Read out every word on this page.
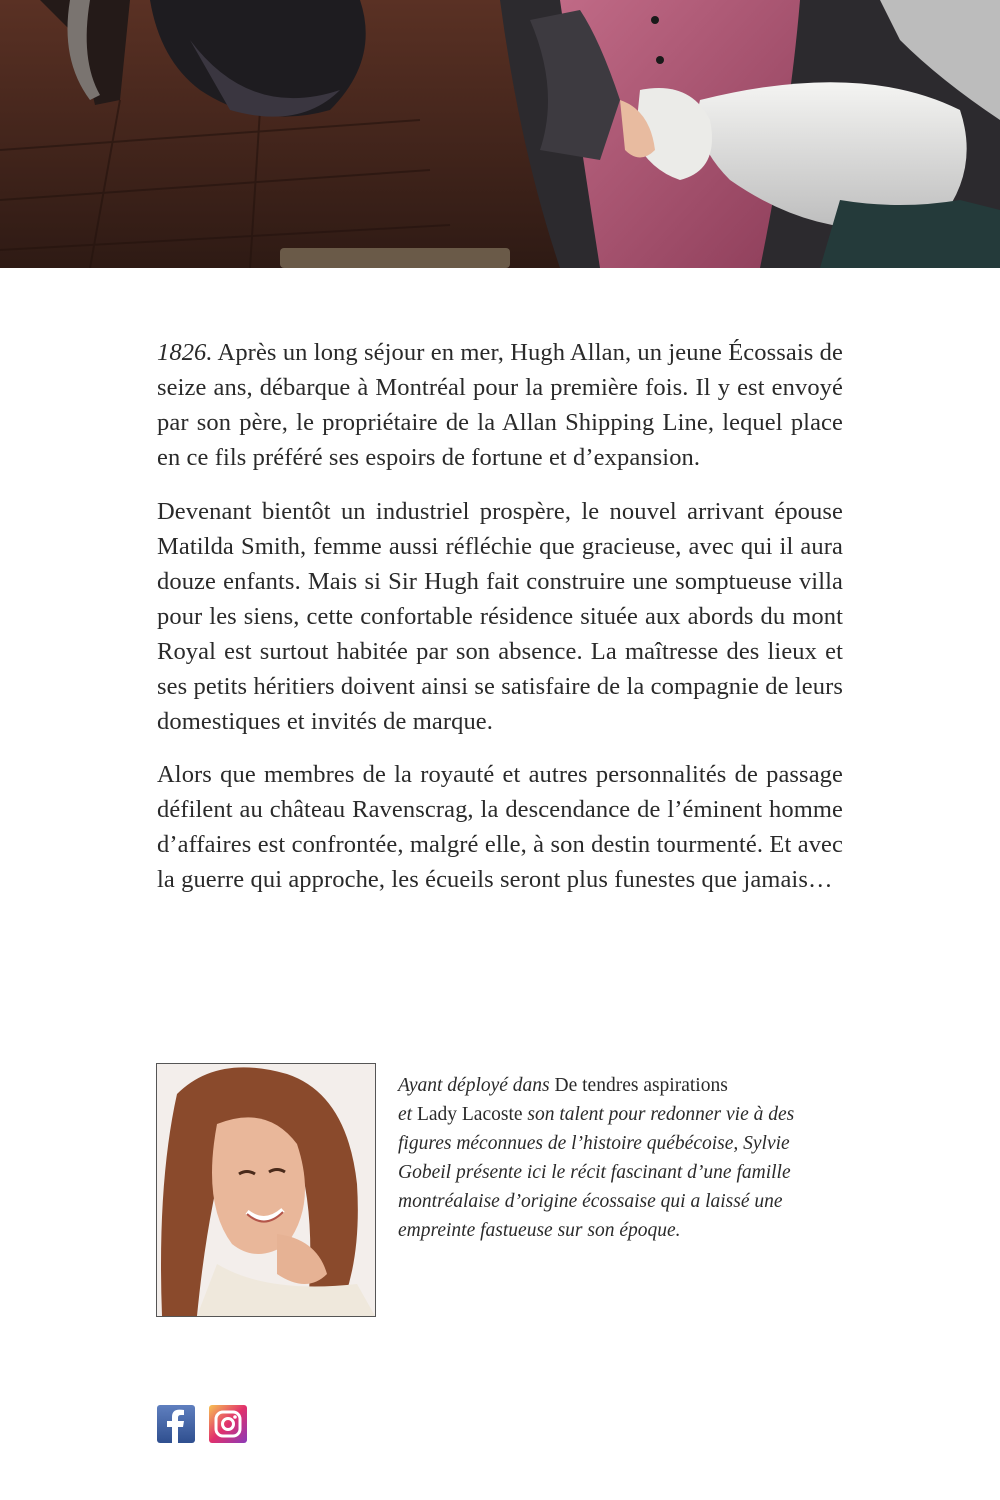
1826. Après un long séjour en mer, Hugh Allan, un jeune Écossais de seize ans, débarque à Montréal pour la première fois. Il y est envoyé par son père, le propriétaire de la Allan Shipping Line, lequel place en ce fils préféré ses espoirs de fortune et d’expansion.

Devenant bientôt un industriel prospère, le nouvel arrivant épouse Matilda Smith, femme aussi réfléchie que gracieuse, avec qui il aura douze enfants. Mais si Sir Hugh fait construire une somptueuse villa pour les siens, cette confortable résidence située aux abords du mont Royal est surtout habitée par son absence. La maîtresse des lieux et ses petits héritiers doivent ainsi se satisfaire de la compagnie de leurs domestiques et invités de marque.

Alors que membres de la royauté et autres personnalités de passage défilent au château Ravenscrag, la descendance de l’éminent homme d’affaires est confrontée, malgré elle, à son destin tourmenté. Et avec la guerre qui approche, les écueils seront plus funestes que jamais…

Ayant déployé dans De tendres aspirations
et Lady Lacoste son talent pour redonner vie à des figures méconnues de l’histoire québécoise, Sylvie Gobeil présente ici le récit fascinant d’une famille montréalaise d’origine écossaise qui a laissé une empreinte fastueuse sur son époque.
